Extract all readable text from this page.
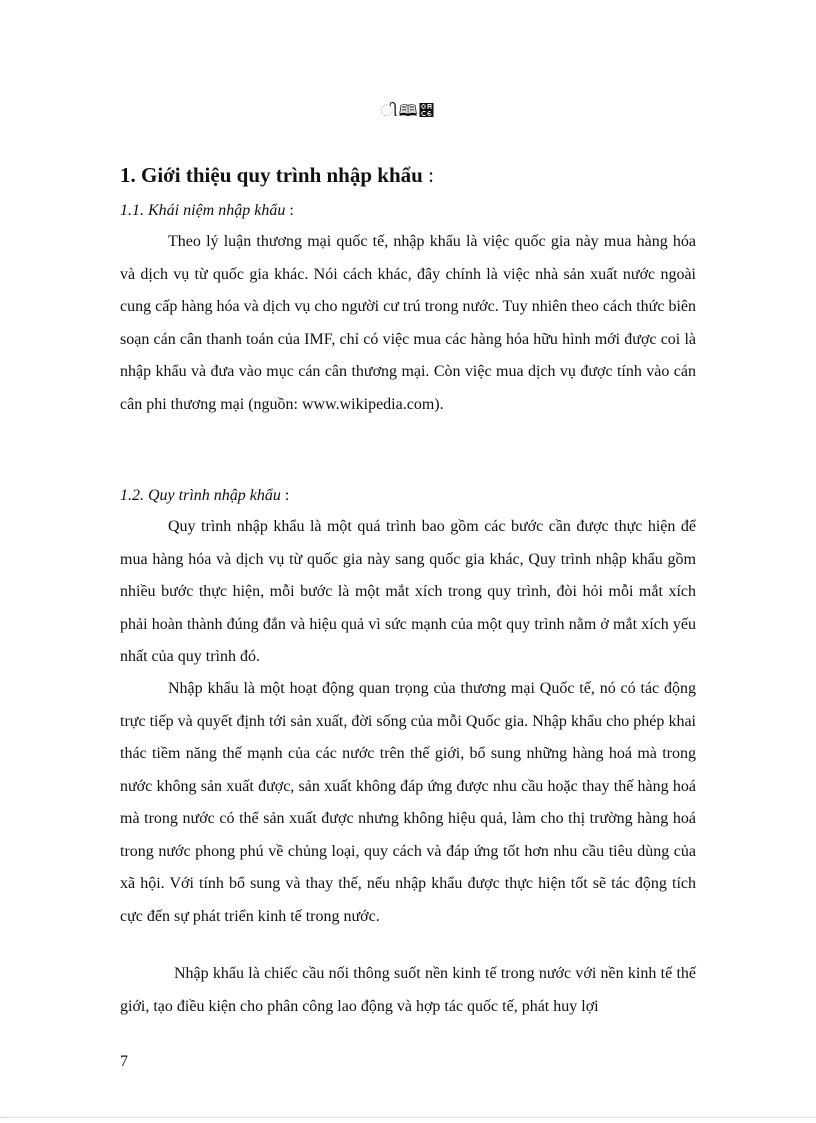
ી🕮૆
1. Giới thiệu quy trình nhập khẩu :
1.1. Khái niệm nhập khẩu :

Theo lý luận thương mại quốc tế, nhập khẩu là việc quốc gia này mua hàng hóa và dịch vụ từ quốc gia khác. Nói cách khác, đây chính là việc nhà sản xuất nước ngoài cung cấp hàng hóa và dịch vụ cho người cư trú trong nước. Tuy nhiên theo cách thức biên soạn cán cân thanh toán của IMF, chỉ có việc mua các hàng hóa hữu hình mới được coi là nhập khẩu và đưa vào mục cán cân thương mại. Còn việc mua dịch vụ được tính vào cán cân phi thương mại (nguồn: www.wikipedia.com).

1.2. Quy trình nhập khẩu :

Quy trình nhập khẩu là một quá trình bao gồm các bước cần được thực hiện để mua hàng hóa và dịch vụ từ quốc gia này sang quốc gia khác, Quy trình nhập khẩu gồm nhiều bước thực hiện, mỗi bước là một mắt xích trong quy trình, đòi hỏi mỗi mắt xích phải hoàn thành đúng đắn và hiệu quả vì sức mạnh của một quy trình nằm ở mắt xích yếu nhất của quy trình đó.

Nhập khẩu là một hoạt động quan trọng của thương mại Quốc tế, nó có tác động trực tiếp và quyết định tới sản xuất, đời sống của mỗi Quốc gia. Nhập khẩu cho phép khai thác tiềm năng thế mạnh của các nước trên thế giới, bổ sung những hàng hoá mà trong nước không sản xuất được, sản xuất không đáp ứng được nhu cầu hoặc thay thế hàng hoá mà trong nước có thể sản xuất được nhưng không hiệu quả, làm cho thị trường hàng hoá trong nước phong phú về chủng loại, quy cách và đáp ứng tốt hơn nhu cầu tiêu dùng của xã hội. Với tính bổ sung và thay thế, nếu nhập khẩu được thực hiện tốt sẽ tác động tích cực đến sự phát triển kinh tế trong nước.

Nhập khẩu là chiếc cầu nối thông suốt nền kinh tế trong nước với nền kinh tế thế giới, tạo điều kiện cho phân công lao động và hợp tác quốc tế, phát huy lợi

7
